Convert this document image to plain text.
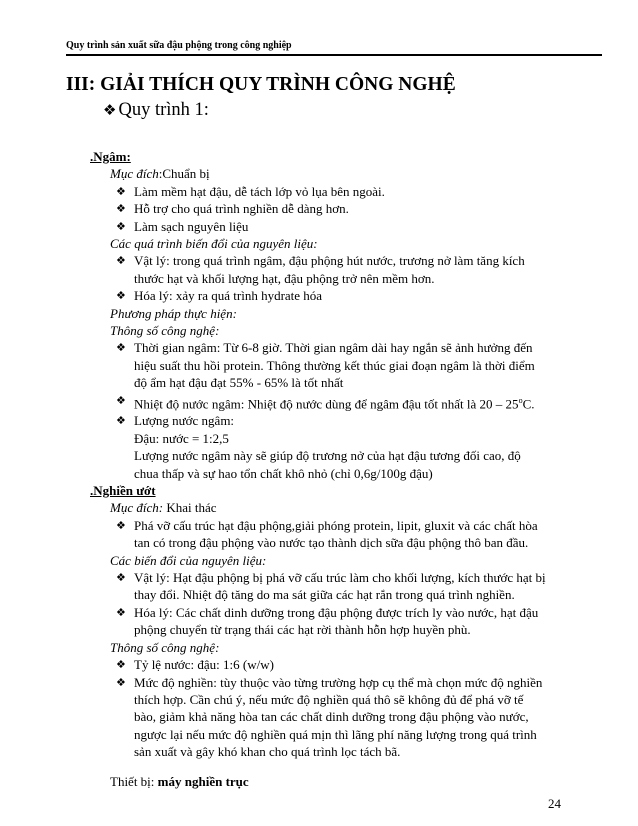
Quy trình sản xuất sữa đậu phộng trong công nghiệp
III: GIẢI THÍCH QUY TRÌNH CÔNG NGHỆ
❖ Quy trình 1:
.Ngâm:
Mục đích:Chuẩn bị
❖ Làm mềm hạt đậu, dễ tách lớp vỏ lụa bên ngoài.
❖ Hỗ trợ cho quá trình nghiền dễ dàng hơn.
❖ Làm sạch nguyên liệu
Các quá trình biến đổi của nguyên liệu:
❖ Vật lý: trong quá trình ngâm, đậu phộng hút nước, trương nở làm tăng kích
thước hạt và khối lượng hạt, đậu phộng trở nên mềm hơn.
❖ Hóa lý: xảy ra quá trình hydrate hóa
Phương pháp thực hiện:
Thông số công nghệ:
❖ Thời gian ngâm: Từ 6-8 giờ. Thời gian ngâm dài hay ngắn sẽ ảnh hưởng đến
hiệu suất thu hồi protein. Thông thường kết thúc giai đoạn ngâm là thời điểm
độ ẩm hạt đậu đạt 55% - 65% là tốt nhất
❖ Nhiệt độ nước ngâm: Nhiệt độ nước dùng để ngâm đậu tốt nhất là 20 – 25$^o$C.
❖ Lượng nước ngâm:
Đậu: nước = 1:2,5
Lượng nước ngâm này sẽ giúp độ trương nở của hạt đậu tương đối cao, độ
chua thấp và sự hao tổn chất khô nhỏ (chỉ 0,6g/100g đậu)
.Nghiền ướt
Mục đích: Khai thác
❖ Phá vỡ cấu trúc hạt đậu phộng,giải phóng protein, lipit, gluxit và các chất hòa
tan có trong đậu phộng vào nước tạo thành dịch sữa đậu phộng thô ban đầu.
Các biến đổi của nguyên liệu:
❖ Vật lý: Hạt đậu phộng bị phá vỡ cấu trúc làm cho khối lượng, kích thước hạt bị
thay đổi. Nhiệt độ tăng do ma sát giữa các hạt rắn trong quá trình nghiền.
❖ Hóa lý: Các chất dinh dưỡng trong đậu phộng được trích ly vào nước, hạt đậu
phộng chuyển từ trạng thái các hạt rời thành hỗn hợp huyền phù.
Thông số công nghệ:
❖ Tỷ lệ nước: đậu: 1:6 (w/w)
❖ Mức độ nghiền: tùy thuộc vào từng trường hợp cụ thể mà chọn mức độ nghiền
thích hợp. Cần chú ý, nếu mức độ nghiền quá thô sẽ không đủ để phá vỡ tế
bào, giảm khả năng hòa tan các chất dinh dưỡng trong đậu phộng vào nước,
ngược lại nếu mức độ nghiền quá mịn thì lãng phí năng lượng trong quá trình
sản xuất và gây khó khan cho quá trình lọc tách bã.
Thiết bị: máy nghiền trục
24
